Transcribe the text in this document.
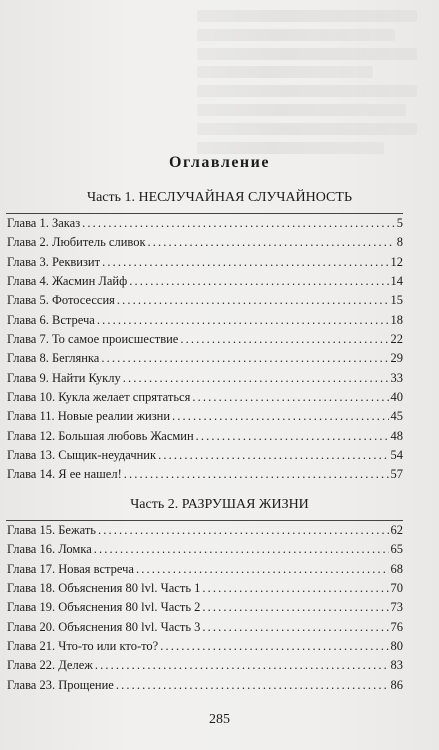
Оглавление
Часть 1. НЕСЛУЧАЙНАЯ СЛУЧАЙНОСТЬ
Глава 1. Заказ . . .	5
Глава 2. Любитель сливок . . .	8
Глава 3. Реквизит . . .	12
Глава 4. Жасмин Лайф . . .	14
Глава 5. Фотосессия . . .	15
Глава 6. Встреча . . .	18
Глава 7. То самое происшествие . . .	22
Глава 8. Беглянка . . .	29
Глава 9. Найти Куклу . . .	33
Глава 10. Кукла желает спрятаться . . .	40
Глава 11. Новые реалии жизни . . .	45
Глава 12. Большая любовь Жасмин . . .	48
Глава 13. Сыщик-неудачник . . .	54
Глава 14. Я ее нашел! . . .	57
Часть 2. РАЗРУШАЯ ЖИЗНИ
Глава 15. Бежать . . .	62
Глава 16. Ломка . . .	65
Глава 17. Новая встреча . . .	68
Глава 18. Объяснения 80 lvl. Часть 1 . . .	70
Глава 19. Объяснения 80 lvl. Часть 2 . . .	73
Глава 20. Объяснения 80 lvl. Часть 3 . . .	76
Глава 21. Что-то или кто-то? . . .	80
Глава 22. Дележ . . .	83
Глава 23. Прощение . . .	86
285
